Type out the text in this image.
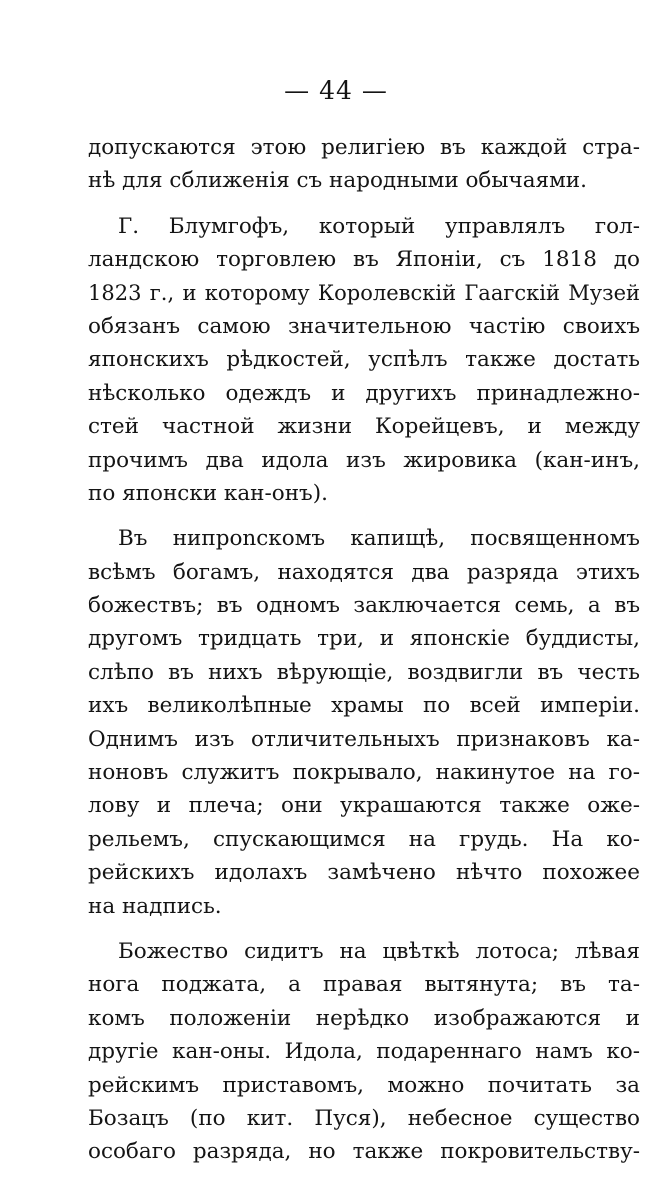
— 44 —
допускаются этою религіею въ каждой стра-
нѣ для сближенія съ народными обычаями.
Г. Блумгофъ, который управлялъ гол-
ландскою торговлею въ Японіи, съ 1818 до
1823 г., и которому Королевскій Гаагскій Музей
обязанъ самою значительною частію своихъ
японскихъ рѣдкостей, успѣлъ также достать
нѣсколько одеждъ и другихъ принадлежно-
стей частной жизни Корейцевъ, и между
прочимъ два идола изъ жировика (кан-инъ,
по японски кан-онъ).
Въ нипponскомъ капищѣ, посвященномъ
всѣмъ богамъ, находятся два разряда этихъ
божествъ; въ одномъ заключается семь, а въ
другомъ тридцать три, и японскіе буддисты,
слѣпо въ нихъ вѣрующіе, воздвигли въ честь
ихъ великолѣпные храмы по всей имперіи.
Однимъ изъ отличительныхъ признаковъ ка-
ноновъ служитъ покрывало, накинутое на го-
лову и плеча; они украшаются также оже-
рельемъ, спускающимся на грудь. На ко-
рейскихъ идолахъ замѣчено нѣчто похожее
на надпись.
Божество сидитъ на цвѣткѣ лотоса; лѣвая
нога поджата, а правая вытянута; въ та-
комъ положеніи нерѣдко изображаются и
другіе кан-оны. Идола, подареннаго намъ ко-
рейскимъ приставомъ, можно почитать за
Бозацъ (по кит. Пуся), небесное существо
особаго разряда, но также покровительству-
